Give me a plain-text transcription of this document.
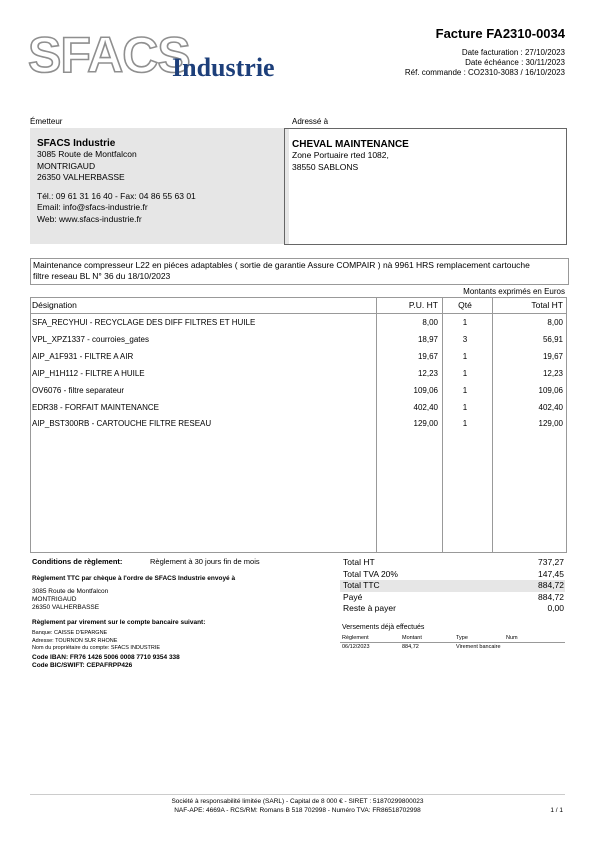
SFACS
Industrie
Facture FA2310-0034
Date facturation : 27/10/2023
Date échéance : 30/11/2023
Réf. commande : CO2310-3083 / 16/10/2023
Émetteur
SFACS Industrie
3085 Route de Montfalcon
MONTRIGAUD
26350 VALHERBASSE
Tél.: 09 61 31 16 40 - Fax: 04 86 55 63 01
Email: info@sfacs-industrie.fr
Web: www.sfacs-industrie.fr
Adressé à
CHEVAL MAINTENANCE
Zone Portuaire rted 1082,
38550 SABLONS
Maintenance compresseur L22 en piéces adaptables ( sortie de garantie Assure COMPAIR ) nà 9961 HRS remplacement cartouche
filtre reseau BL N° 36 du 18/10/2023
Montants exprimés en Euros
Désignation	P.U. HT	Qté	Total HT
SFA_RECYHUI - RECYCLAGE DES DIFF FILTRES ET HUILE	8,00	1	8,00
VPL_XPZ1337 - courroies_gates	18,97	3	56,91
AIP_A1F931 - FILTRE A AIR	19,67	1	19,67
AIP_H1H112 - FILTRE A HUILE	12,23	1	12,23
OV6076 - filtre separateur	109,06	1	109,06
EDR38 - FORFAIT MAINTENANCE	402,40	1	402,40
AIP_BST300RB - CARTOUCHE FILTRE RESEAU	129,00	1	129,00
Conditions de règlement:	Règlement à 30 jours fin de mois
Règlement TTC par chèque à l'ordre de SFACS Industrie envoyé à
3085 Route de Montfalcon
MONTRIGAUD
26350 VALHERBASSE
Règlement par virement sur le compte bancaire suivant:
Banque: CAISSE D'EPARGNE
Adresse: TOURNON SUR RHONE
Nom du propriétaire du compte: SFACS INDUSTRIE
Code IBAN: FR76 1426 5006 0008 7710 9354 338
Code BIC/SWIFT: CEPAFRPP426
Total HT	737,27
Total TVA 20%	147,45
Total TTC	884,72
Payé	884,72
Reste à payer	0,00
Versements déjà effectués
Règlement	Montant	Type	Num
06/12/2023	884,72	Virement bancaire
Société à responsabilité limitée (SARL) - Capital de 8 000 € - SIRET : 51870299800023
NAF-APE: 4669A - RCS/RM: Romans B 518 702998 - Numéro TVA: FR86518702998	1 / 1
